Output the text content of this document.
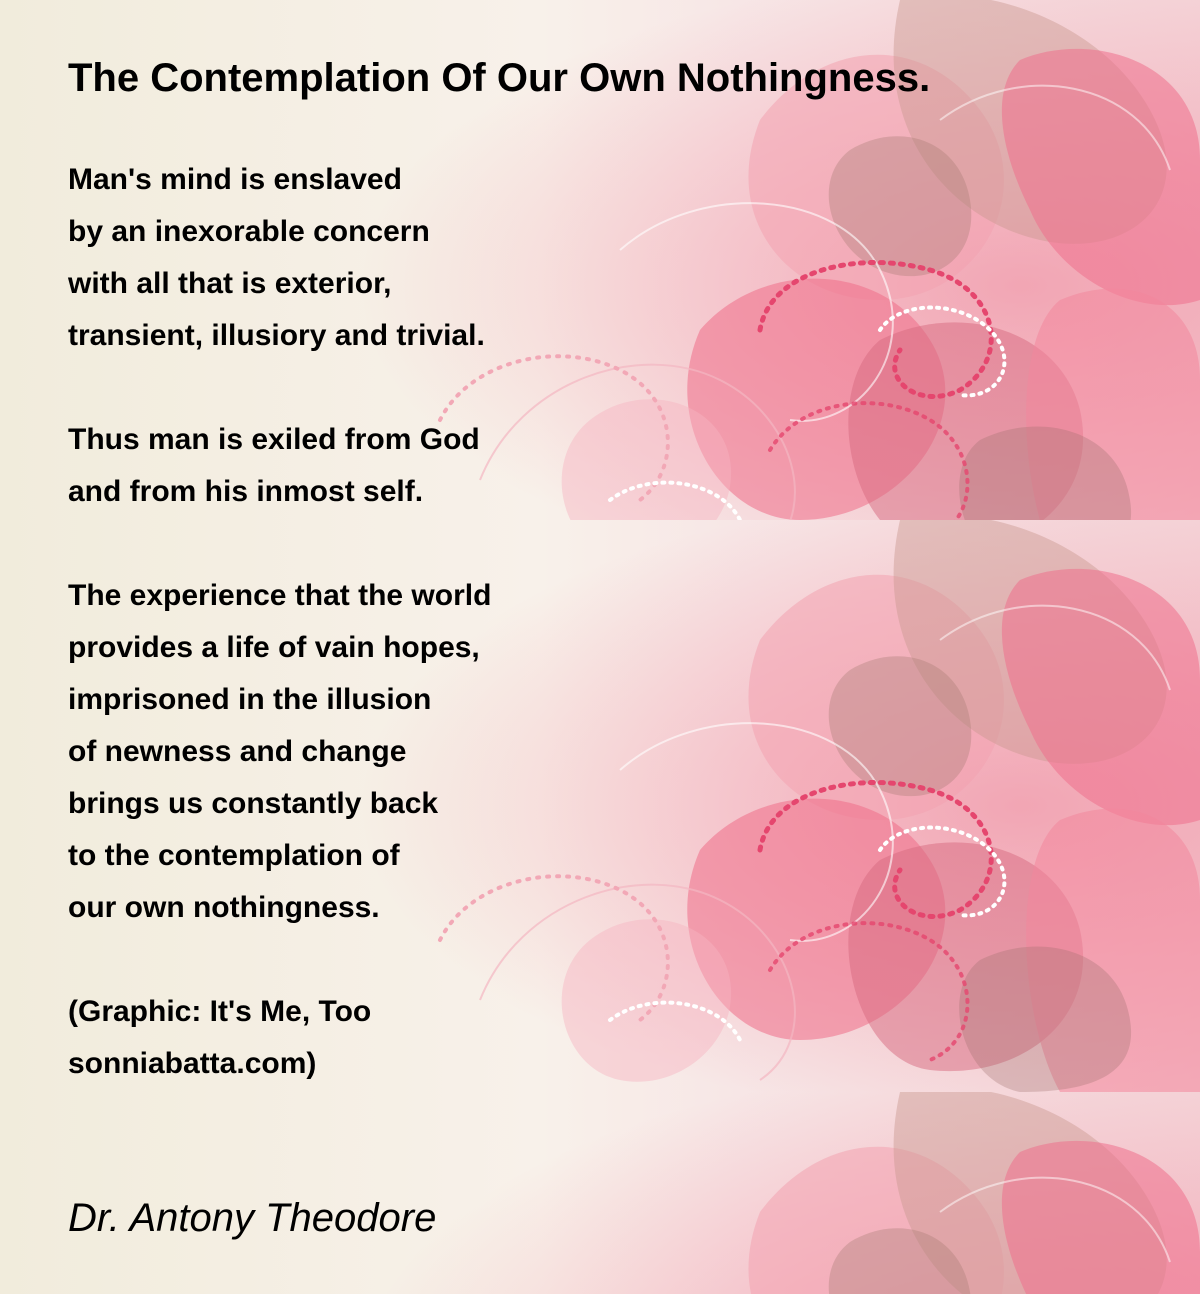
The Contemplation Of Our Own Nothingness.
Man's mind is enslaved
by an inexorable concern
with all that is exterior,
transient, illusiory and trivial.
Thus man is exiled from God
and from his inmost self.
The experience that the world
provides a life of vain hopes,
imprisoned in the illusion
of newness and change
brings us constantly back
to the contemplation of
our own nothingness.
(Graphic: It's Me, Too
sonniabatta.com)
Dr. Antony Theodore
